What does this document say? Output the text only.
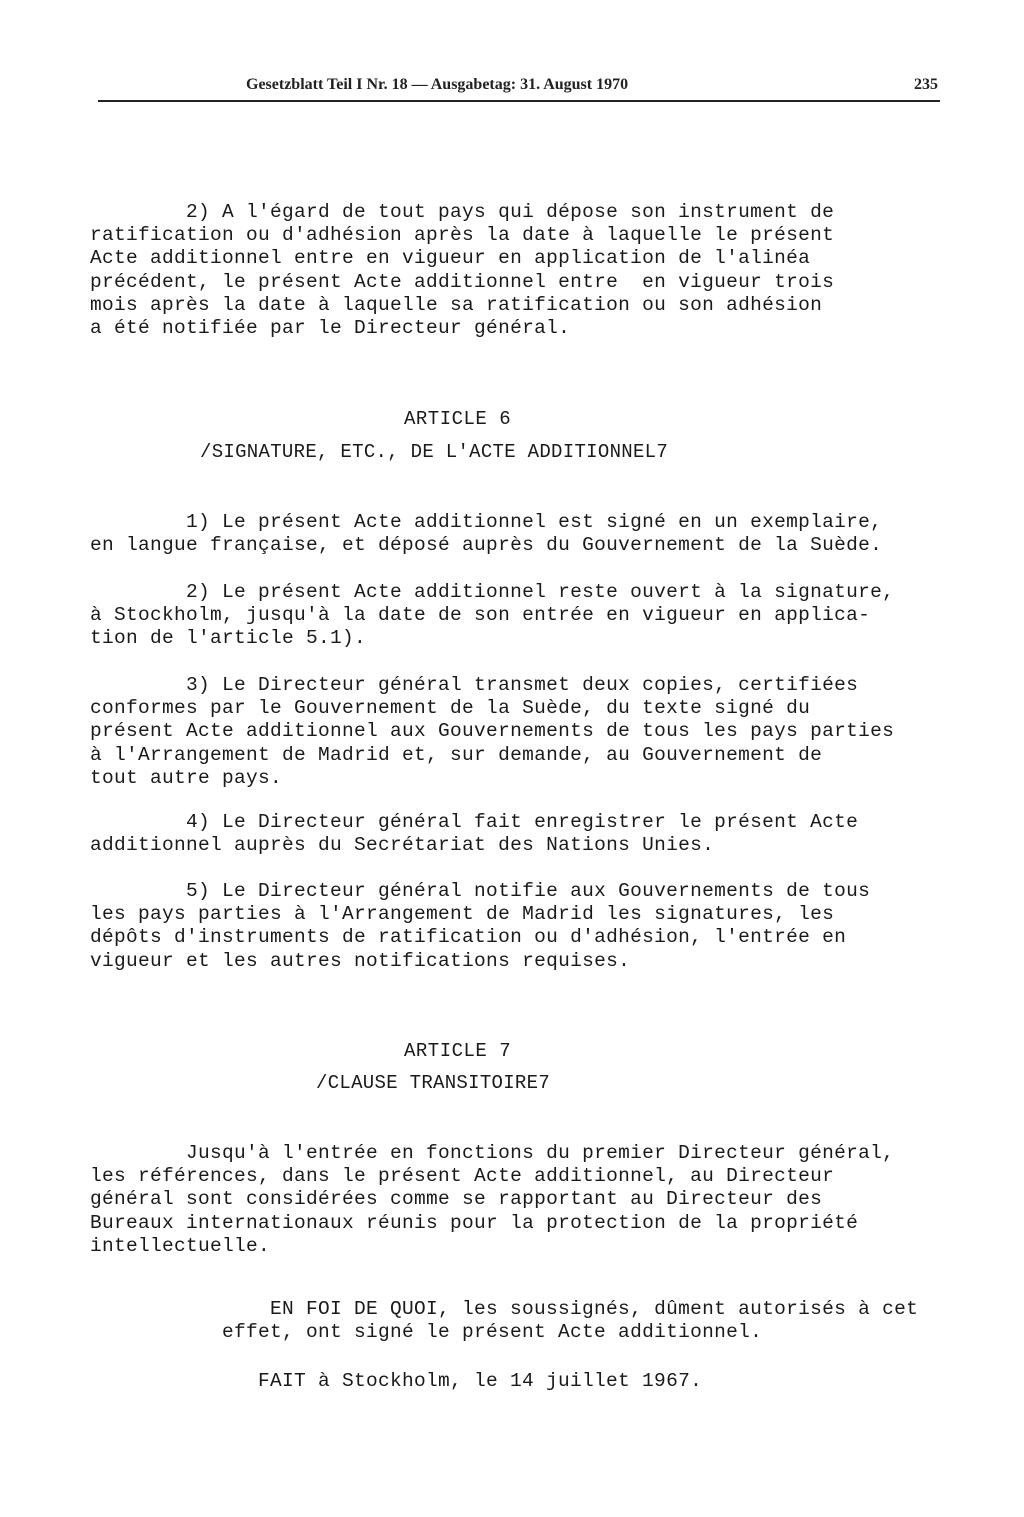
Gesetzblatt Teil I Nr. 18 — Ausgabetag: 31. August 1970	235

2) A l'égard de tout pays qui dépose son instrument de
ratification ou d'adhésion après la date à laquelle le présent
Acte additionnel entre en vigueur en application de l'alinéa
précédent, le présent Acte additionnel entre  en vigueur trois
mois après la date à laquelle sa ratification ou son adhésion
a été notifiée par le Directeur général.

ARTICLE 6

/SIGNATURE, ETC., DE L'ACTE ADDITIONNEL7

1) Le présent Acte additionnel est signé en un exemplaire,
en langue française, et déposé auprès du Gouvernement de la Suède.

2) Le présent Acte additionnel reste ouvert à la signature,
à Stockholm, jusqu'à la date de son entrée en vigueur en applica-
tion de l'article 5.1).

3) Le Directeur général transmet deux copies, certifiées
conformes par le Gouvernement de la Suède, du texte signé du
présent Acte additionnel aux Gouvernements de tous les pays parties
à l'Arrangement de Madrid et, sur demande, au Gouvernement de
tout autre pays.

4) Le Directeur général fait enregistrer le présent Acte
additionnel auprès du Secrétariat des Nations Unies.

5) Le Directeur général notifie aux Gouvernements de tous
les pays parties à l'Arrangement de Madrid les signatures, les
dépôts d'instruments de ratification ou d'adhésion, l'entrée en
vigueur et les autres notifications requises.

ARTICLE 7

/CLAUSE TRANSITOIRE7

Jusqu'à l'entrée en fonctions du premier Directeur général,
les références, dans le présent Acte additionnel, au Directeur
général sont considérées comme se rapportant au Directeur des
Bureaux internationaux réunis pour la protection de la propriété
intellectuelle.

EN FOI DE QUOI, les soussignés, dûment autorisés à cet
effet, ont signé le présent Acte additionnel.

FAIT à Stockholm, le 14 juillet 1967.
